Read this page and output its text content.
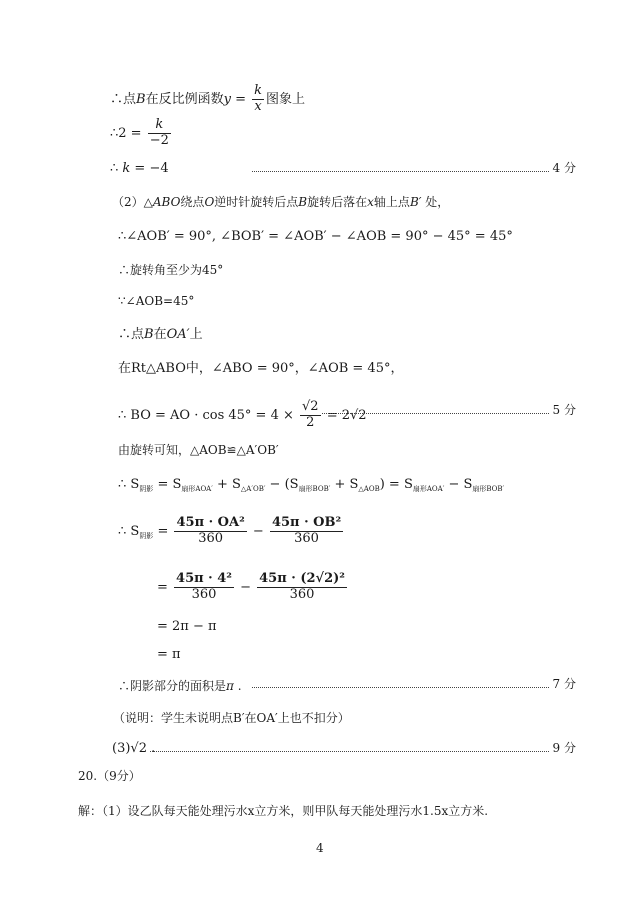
∴点B在反比例函数$y = \frac{k}{x}$ 图象上
∴2 = $\frac{k}{-2}$
∴ k = −4	4 分
（2）△ABO绕点O逆时针旋转后点B旋转后落在x轴上点B′ 处，
∴∠AOB′ = 90°, ∠BOB′ = ∠AOB′ − ∠AOB = 90° − 45° = 45°
∴旋转角至少为45°
∵∠AOB=45°
∴点B在OA′上
在Rt△ABO中，∠ABO = 90°，∠AOB = 45°，
∴ BO = AO · $\cos 45^\circ = 4 \times \frac{√2}{2} = 2√2$	5 分
由旋转可知，△AOB≌△A′OB′
∴ $S_{阴影} = S_{扇形AOA'} + S_{\triangle A'OB'} - (S_{扇形BOB'} + S_{\triangle AOB}) = S_{扇形AOA'} - S_{扇形BOB'}$
∴ $S_{阴影} = \frac{\text{45π · OA²}}{360} - \frac{\text{45π · OB²}}{360}$
= $\frac{\text{45π · 4²}}{360} - \frac{\text{45π · (2√2)²}}{360}$
= 2π − π
= π
∴阴影部分的面积是π .	7 分
（说明：学生未说明点B′在OA′上也不扣分）
(3)√2 .	9 分
20.（9分）
解：（1）设乙队每天能处理污水x立方米，则甲队每天能处理污水1.5x立方米.
4
